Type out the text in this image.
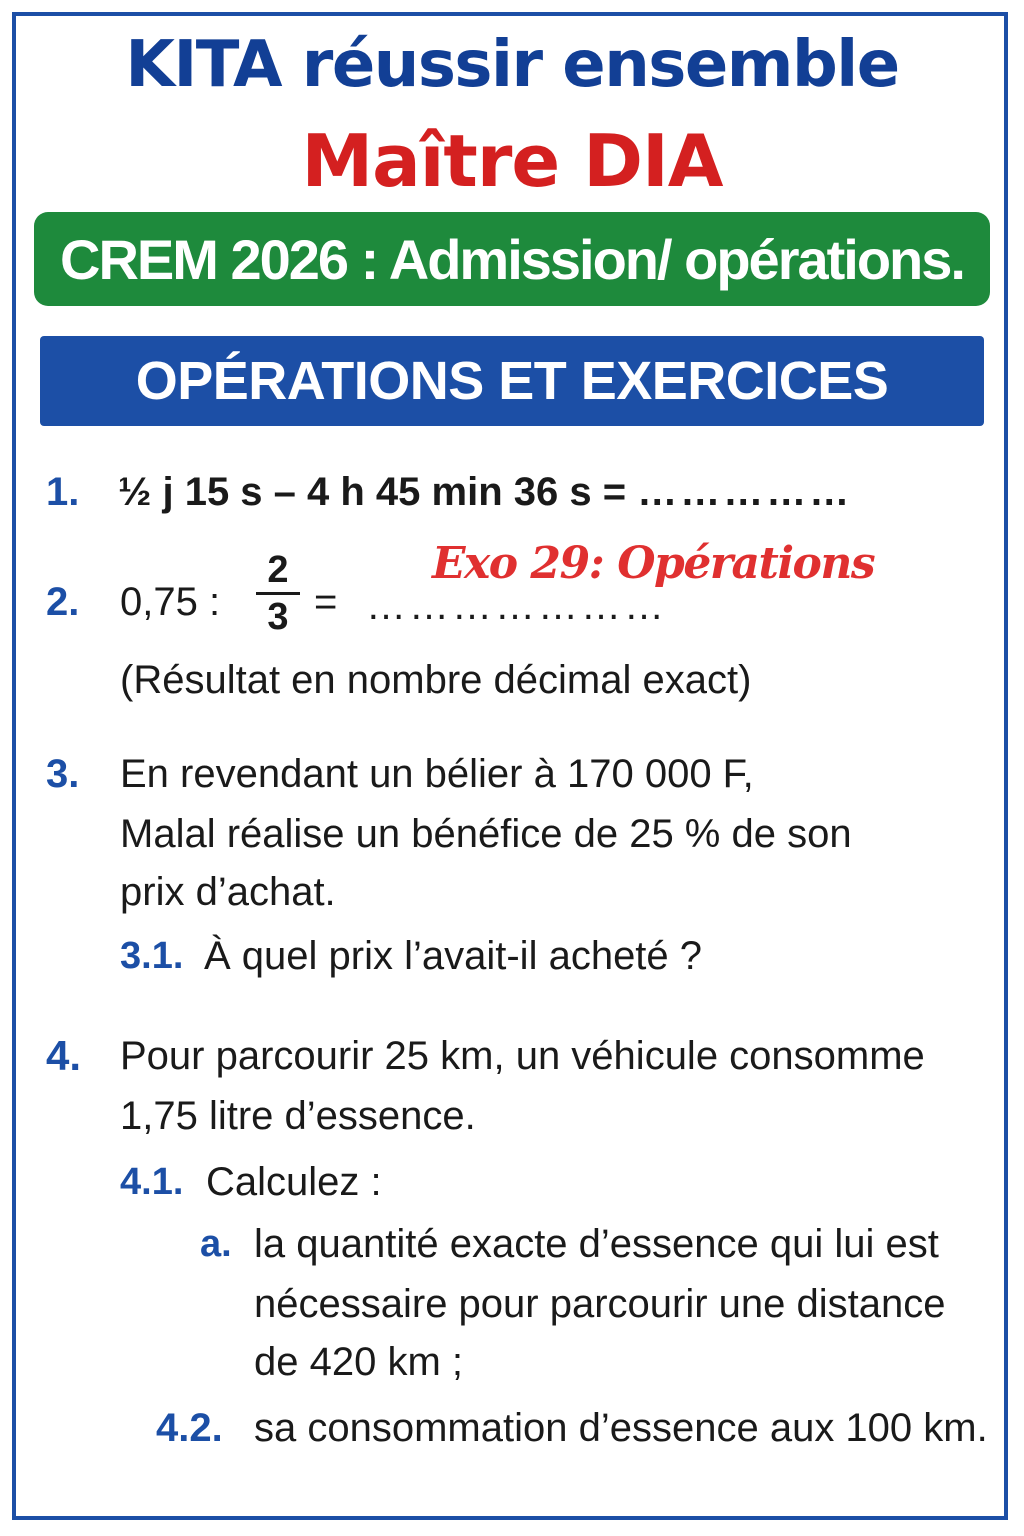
KITA réussir ensemble
Maître DIA
CREM 2026 : Admission/ opérations.
OPÉRATIONS ET EXERCICES
1. ½ j 15 s – 4 h 45 min 36 s = ……………
Exo 29: Opérations
2. 0,75 :
2
3 = …………………
(Résultat en nombre décimal exact)
3. En revendant un bélier à 170 000 F,
Malal réalise un bénéfice de 25 % de son
prix d’achat.
3.1. À quel prix l’avait-il acheté ?
4. Pour parcourir 25 km, un véhicule consomme
1,75 litre d’essence.
4.1. Calculez :
a. la quantité exacte d’essence qui lui est
nécessaire pour parcourir une distance
de 420 km ;
4.2. sa consommation d’essence aux 100 km.
